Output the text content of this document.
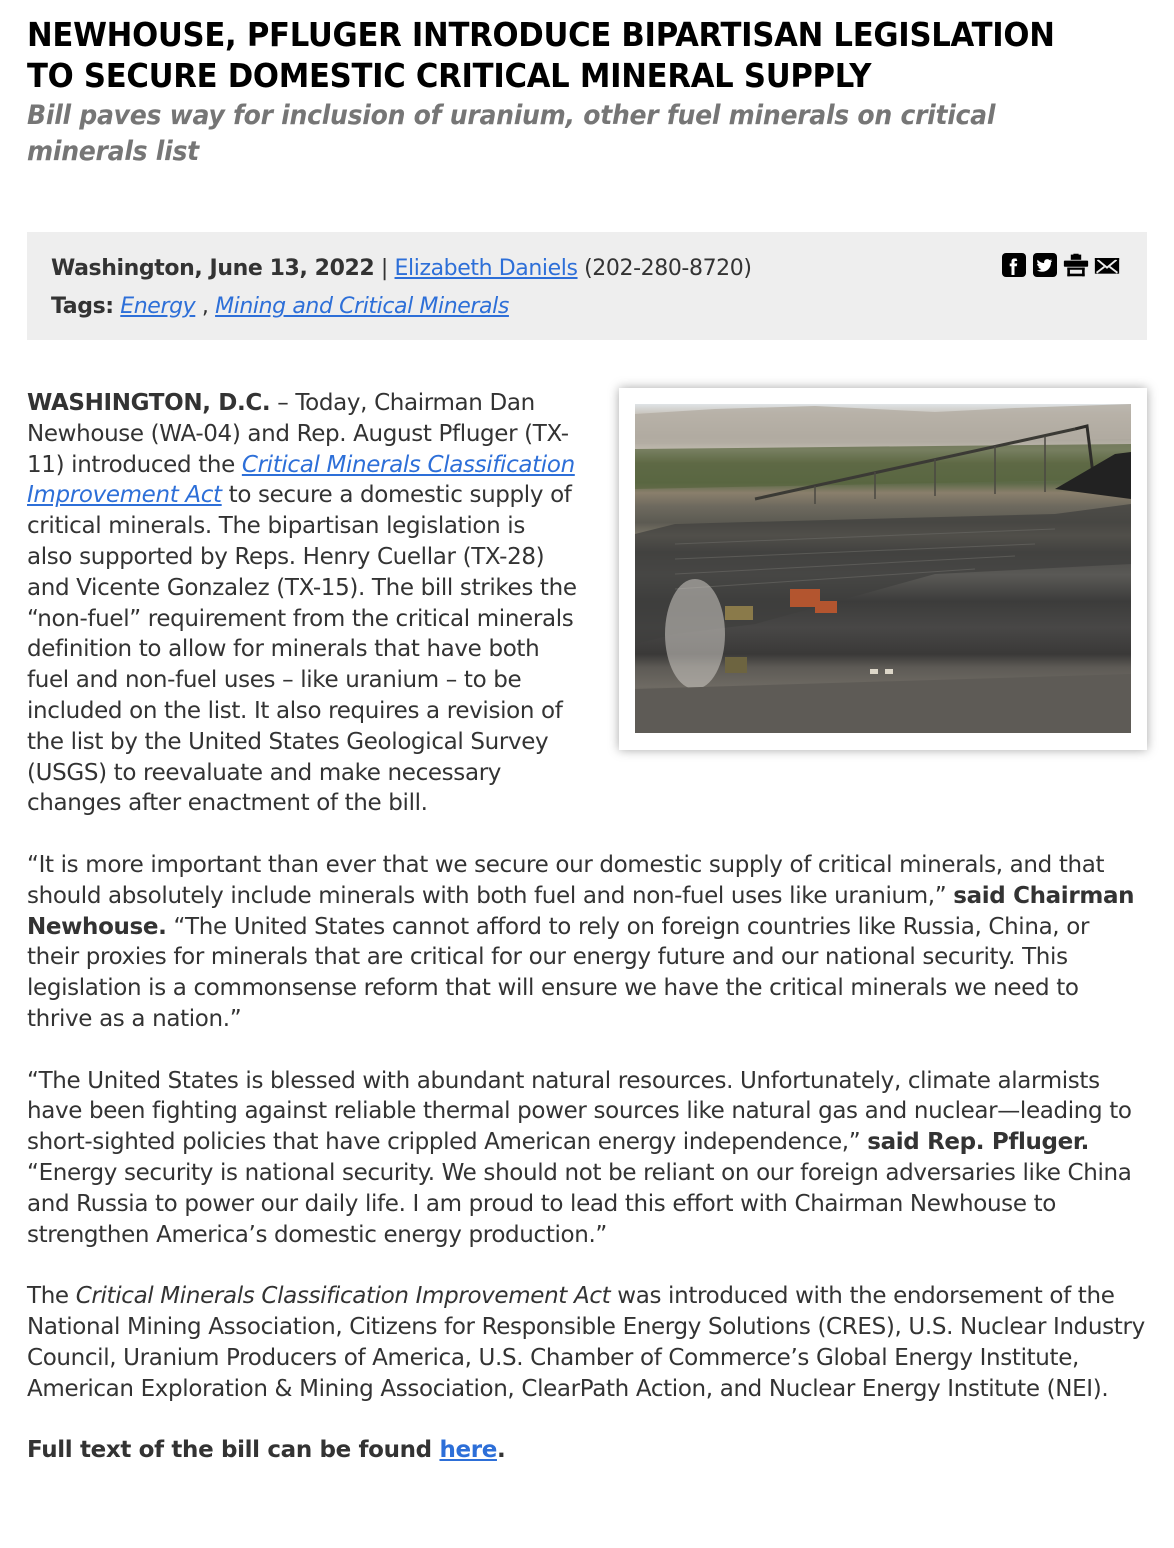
NEWHOUSE, PFLUGER INTRODUCE BIPARTISAN LEGISLATION TO SECURE DOMESTIC CRITICAL MINERAL SUPPLY
Bill paves way for inclusion of uranium, other fuel minerals on critical minerals list
Washington, June 13, 2022 | Elizabeth Daniels (202-280-8720)
Tags: Energy , Mining and Critical Minerals

WASHINGTON, D.C. – Today, Chairman Dan Newhouse (WA-04) and Rep. August Pfluger (TX-11) introduced the Critical Minerals Classification Improvement Act to secure a domestic supply of critical minerals. The bipartisan legislation is also supported by Reps. Henry Cuellar (TX-28) and Vicente Gonzalez (TX-15). The bill strikes the “non-fuel” requirement from the critical minerals definition to allow for minerals that have both fuel and non-fuel uses – like uranium – to be included on the list. It also requires a revision of the list by the United States Geological Survey (USGS) to reevaluate and make necessary changes after enactment of the bill.

“It is more important than ever that we secure our domestic supply of critical minerals, and that should absolutely include minerals with both fuel and non-fuel uses like uranium,” said Chairman Newhouse. “The United States cannot afford to rely on foreign countries like Russia, China, or their proxies for minerals that are critical for our energy future and our national security. This legislation is a commonsense reform that will ensure we have the critical minerals we need to thrive as a nation.”

“The United States is blessed with abundant natural resources. Unfortunately, climate alarmists have been fighting against reliable thermal power sources like natural gas and nuclear—leading to short-sighted policies that have crippled American energy independence,” said Rep. Pfluger. “Energy security is national security. We should not be reliant on our foreign adversaries like China and Russia to power our daily life. I am proud to lead this effort with Chairman Newhouse to strengthen America’s domestic energy production.”

The Critical Minerals Classification Improvement Act was introduced with the endorsement of the National Mining Association, Citizens for Responsible Energy Solutions (CRES), U.S. Nuclear Industry Council, Uranium Producers of America, U.S. Chamber of Commerce’s Global Energy Institute, American Exploration & Mining Association, ClearPath Action, and Nuclear Energy Institute (NEI).

Full text of the bill can be found here.
